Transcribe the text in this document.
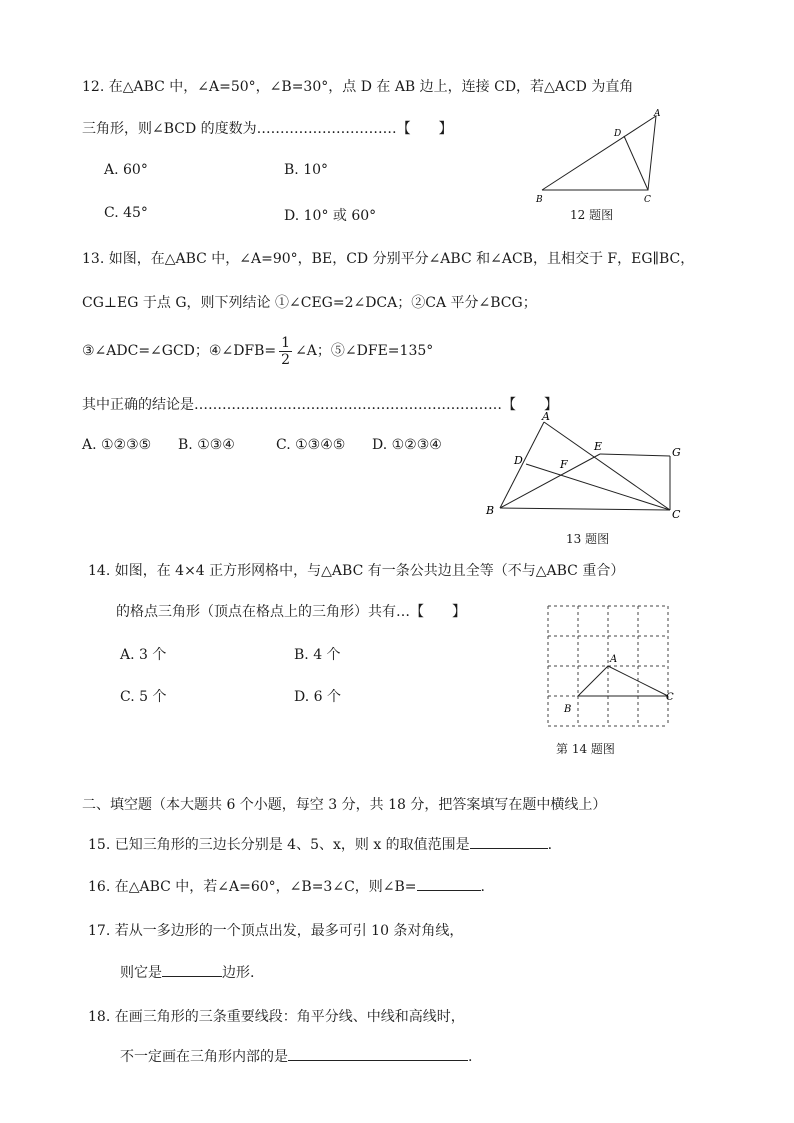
12. 在△ABC 中，∠A=50°，∠B=30°，点 D 在 AB 边上，连接 CD，若△ACD 为直角
三角形，则∠BCD 的度数为…………………………【　　】
A. 60°	B. 10°
C. 45°	D. 10° 或 60°
A
D
B	C
12 题图
13. 如图，在△ABC 中，∠A=90°，BE，CD 分别平分∠ABC 和∠ACB，且相交于 F，EG∥BC，
CG⊥EG 于点 G，则下列结论 ①∠CEG=2∠DCA；②CA 平分∠BCG；
③∠ADC=∠GCD；④∠DFB= $\frac{1}{2}$ ∠A；⑤∠DFE=135°
其中正确的结论是…………………………………………………………【　　】
A. ①②③⑤ B. ①③④	C. ①③④⑤ D. ①②③④
A
E	G
D	F
B	C
13 题图
14. 如图，在 4×4 正方形网格中，与△ABC 有一条公共边且全等（不与△ABC 重合）
的格点三角形（顶点在格点上的三角形）共有…【　　】
A. 3 个	B. 4 个
C. 5 个	D. 6 个
A
B
C
第 14 题图
二、填空题（本大题共 6 个小题，每空 3 分，共 18 分，把答案填写在题中横线上）
15. 已知三角形的三边长分别是 4、5、x，则 x 的取值范围是	.
16. 在△ABC 中，若∠A=60°，∠B=3∠C，则∠B=	.
17. 若从一多边形的一个顶点出发，最多可引 10 条对角线，
则它是	边形.
18. 在画三角形的三条重要线段：角平分线、中线和高线时，
不一定画在三角形内部的是	.
